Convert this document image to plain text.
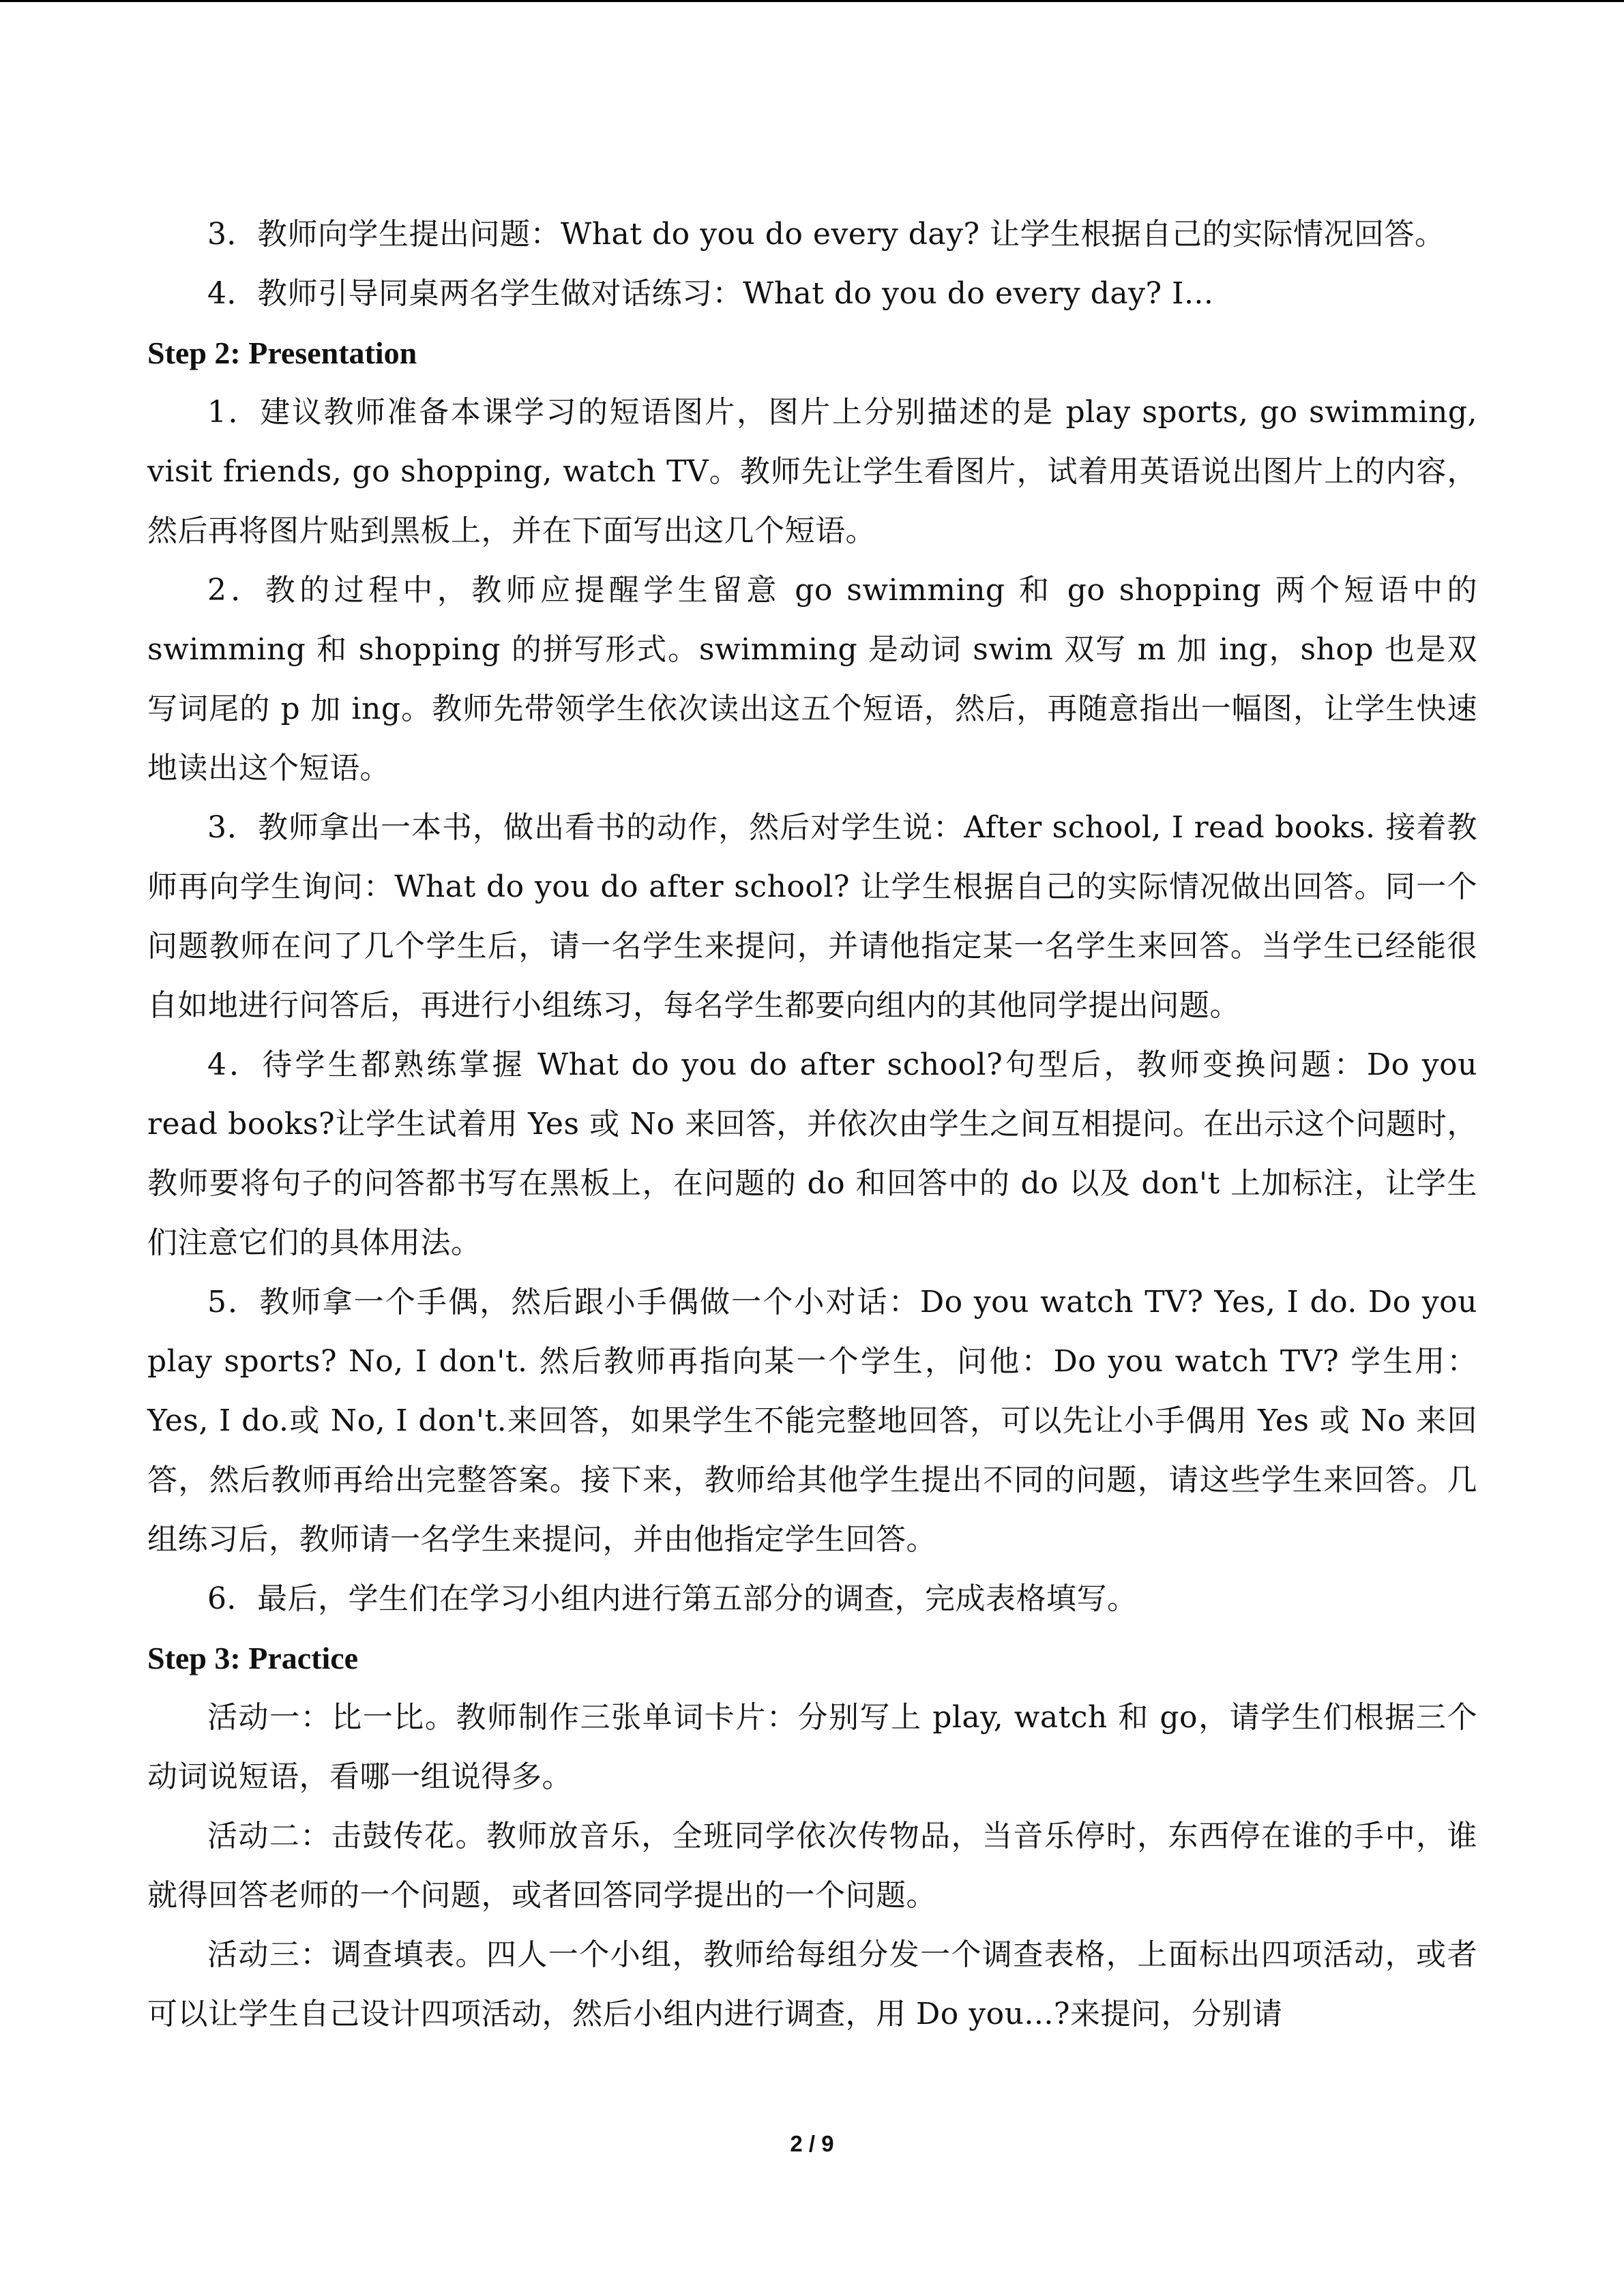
3．教师向学生提出问题：What do you do every day? 让学生根据自己的实际情况回答。

4．教师引导同桌两名学生做对话练习：What do you do every day? I...

Step 2: Presentation

1．建议教师准备本课学习的短语图片，图片上分别描述的是 play sports, go swimming, visit friends, go shopping, watch TV。教师先让学生看图片，试着用英语说出图片上的内容，然后再将图片贴到黑板上，并在下面写出这几个短语。

2．教的过程中，教师应提醒学生留意 go swimming 和 go shopping 两个短语中的 swimming 和 shopping 的拼写形式。swimming 是动词 swim 双写 m 加 ing，shop 也是双写词尾的 p 加 ing。教师先带领学生依次读出这五个短语，然后，再随意指出一幅图，让学生快速地读出这个短语。

3．教师拿出一本书，做出看书的动作，然后对学生说：After school, I read books. 接着教师再向学生询问：What do you do after school? 让学生根据自己的实际情况做出回答。同一个问题教师在问了几个学生后，请一名学生来提问，并请他指定某一名学生来回答。当学生已经能很自如地进行问答后，再进行小组练习，每名学生都要向组内的其他同学提出问题。

4．待学生都熟练掌握 What do you do after school?句型后，教师变换问题：Do you read books?让学生试着用 Yes 或 No 来回答，并依次由学生之间互相提问。在出示这个问题时，教师要将句子的问答都书写在黑板上，在问题的 do 和回答中的 do 以及 don't 上加标注，让学生们注意它们的具体用法。

5．教师拿一个手偶，然后跟小手偶做一个小对话：Do you watch TV? Yes, I do. Do you play sports? No, I don't. 然后教师再指向某一个学生，问他：Do you watch TV? 学生用：Yes, I do.或 No, I don't.来回答，如果学生不能完整地回答，可以先让小手偶用 Yes 或 No 来回答，然后教师再给出完整答案。接下来，教师给其他学生提出不同的问题，请这些学生来回答。几组练习后，教师请一名学生来提问，并由他指定学生回答。

6．最后，学生们在学习小组内进行第五部分的调查，完成表格填写。

Step 3: Practice

活动一：比一比。教师制作三张单词卡片：分别写上 play, watch 和 go，请学生们根据三个动词说短语，看哪一组说得多。

活动二：击鼓传花。教师放音乐，全班同学依次传物品，当音乐停时，东西停在谁的手中，谁就得回答老师的一个问题，或者回答同学提出的一个问题。

活动三：调查填表。四人一个小组，教师给每组分发一个调查表格，上面标出四项活动，或者可以让学生自己设计四项活动，然后小组内进行调查，用 Do you...?来提问，分别请

2 / 9
